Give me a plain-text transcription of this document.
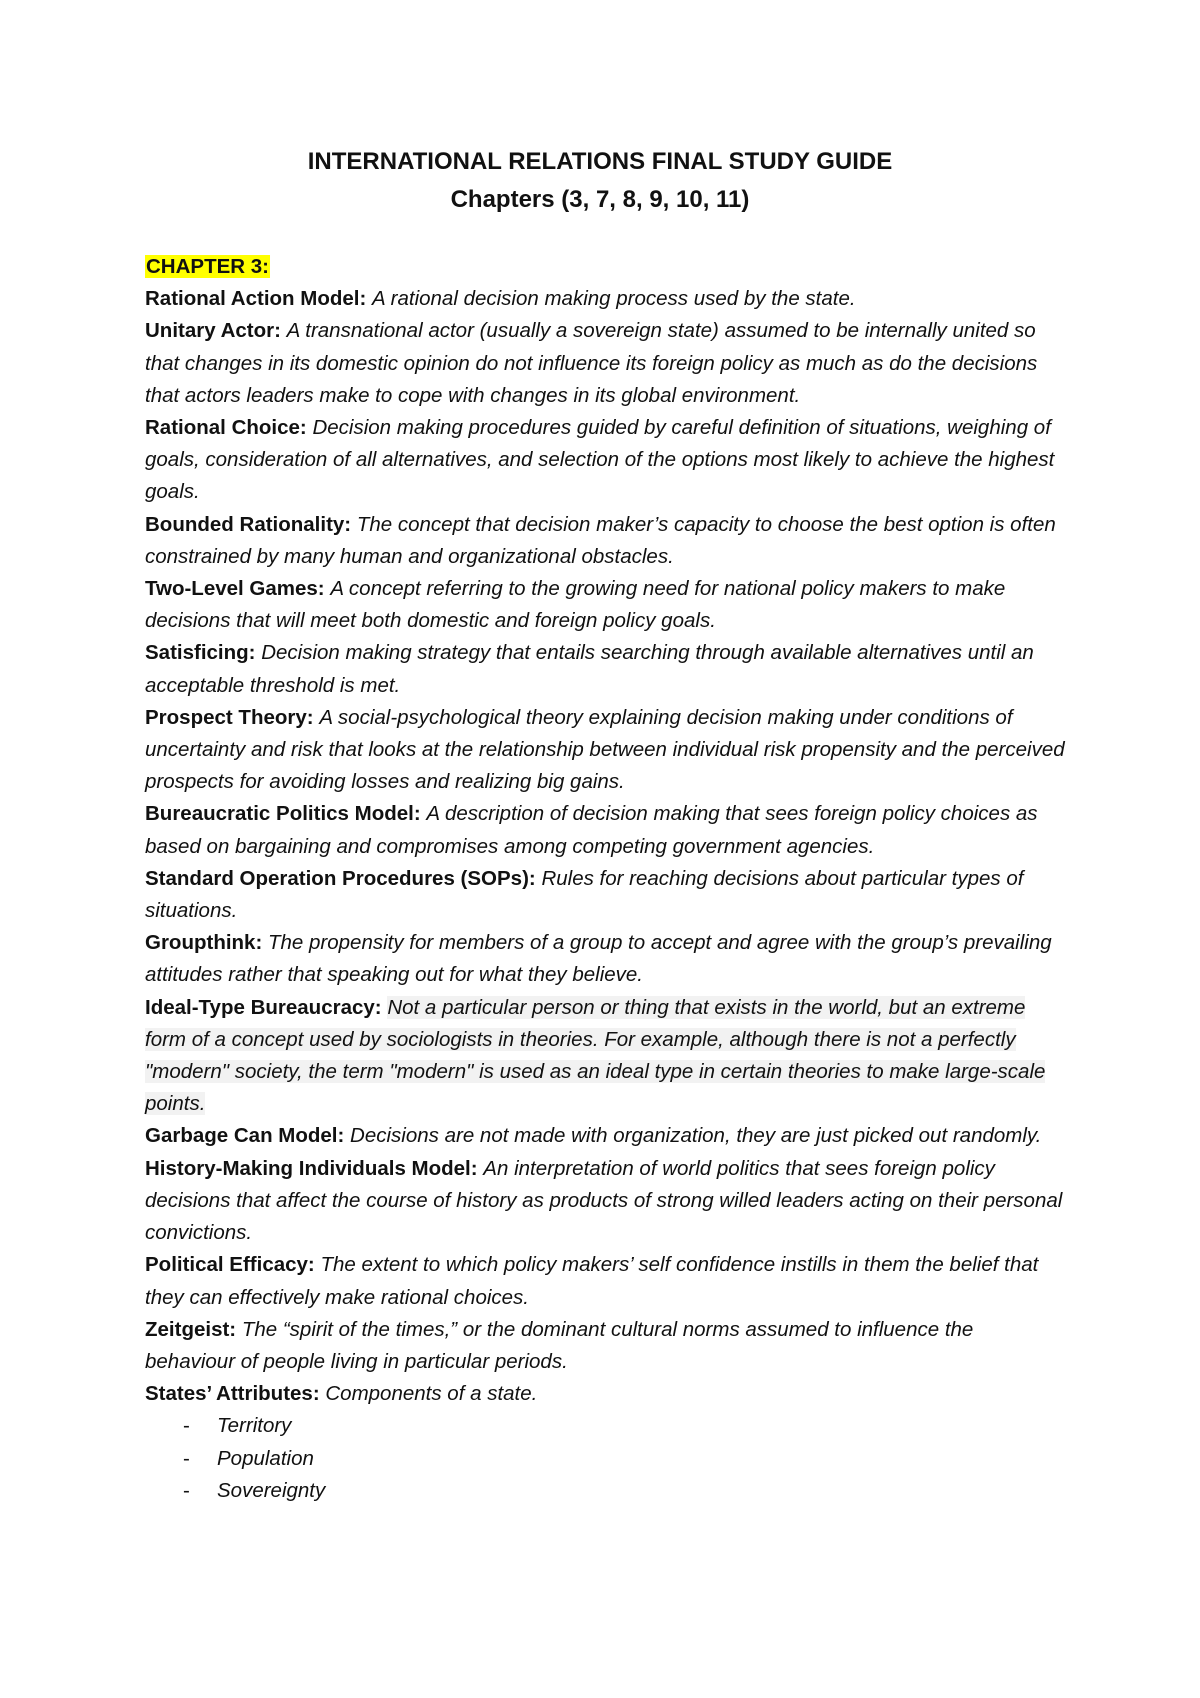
INTERNATIONAL RELATIONS FINAL STUDY GUIDE
Chapters (3, 7, 8, 9, 10, 11)

CHAPTER 3:

Rational Action Model: A rational decision making process used by the state.

Unitary Actor: A transnational actor (usually a sovereign state) assumed to be internally united so that changes in its domestic opinion do not influence its foreign policy as much as do the decisions that actors leaders make to cope with changes in its global environment.

Rational Choice: Decision making procedures guided by careful definition of situations, weighing of goals, consideration of all alternatives, and selection of the options most likely to achieve the highest goals.

Bounded Rationality: The concept that decision maker’s capacity to choose the best option is often constrained by many human and organizational obstacles.

Two-Level Games: A concept referring to the growing need for national policy makers to make decisions that will meet both domestic and foreign policy goals.

Satisficing: Decision making strategy that entails searching through available alternatives until an acceptable threshold is met.

Prospect Theory: A social-psychological theory explaining decision making under conditions of uncertainty and risk that looks at the relationship between individual risk propensity and the perceived prospects for avoiding losses and realizing big gains.

Bureaucratic Politics Model: A description of decision making that sees foreign policy choices as based on bargaining and compromises among competing government agencies.

Standard Operation Procedures (SOPs): Rules for reaching decisions about particular types of situations.

Groupthink: The propensity for members of a group to accept and agree with the group’s prevailing attitudes rather that speaking out for what they believe.

Ideal-Type Bureaucracy: Not a particular person or thing that exists in the world, but an extreme form of a concept used by sociologists in theories. For example, although there is not a perfectly "modern" society, the term "modern" is used as an ideal type in certain theories to make large-scale points.

Garbage Can Model: Decisions are not made with organization, they are just picked out randomly.

History-Making Individuals Model: An interpretation of world politics that sees foreign policy decisions that affect the course of history as products of strong willed leaders acting on their personal convictions.

Political Efficacy: The extent to which policy makers’ self confidence instills in them the belief that they can effectively make rational choices.

Zeitgeist: The “spirit of the times,” or the dominant cultural norms assumed to influence the behaviour of people living in particular periods.

States’ Attributes: Components of a state.

- Territory
- Population
- Sovereignty
